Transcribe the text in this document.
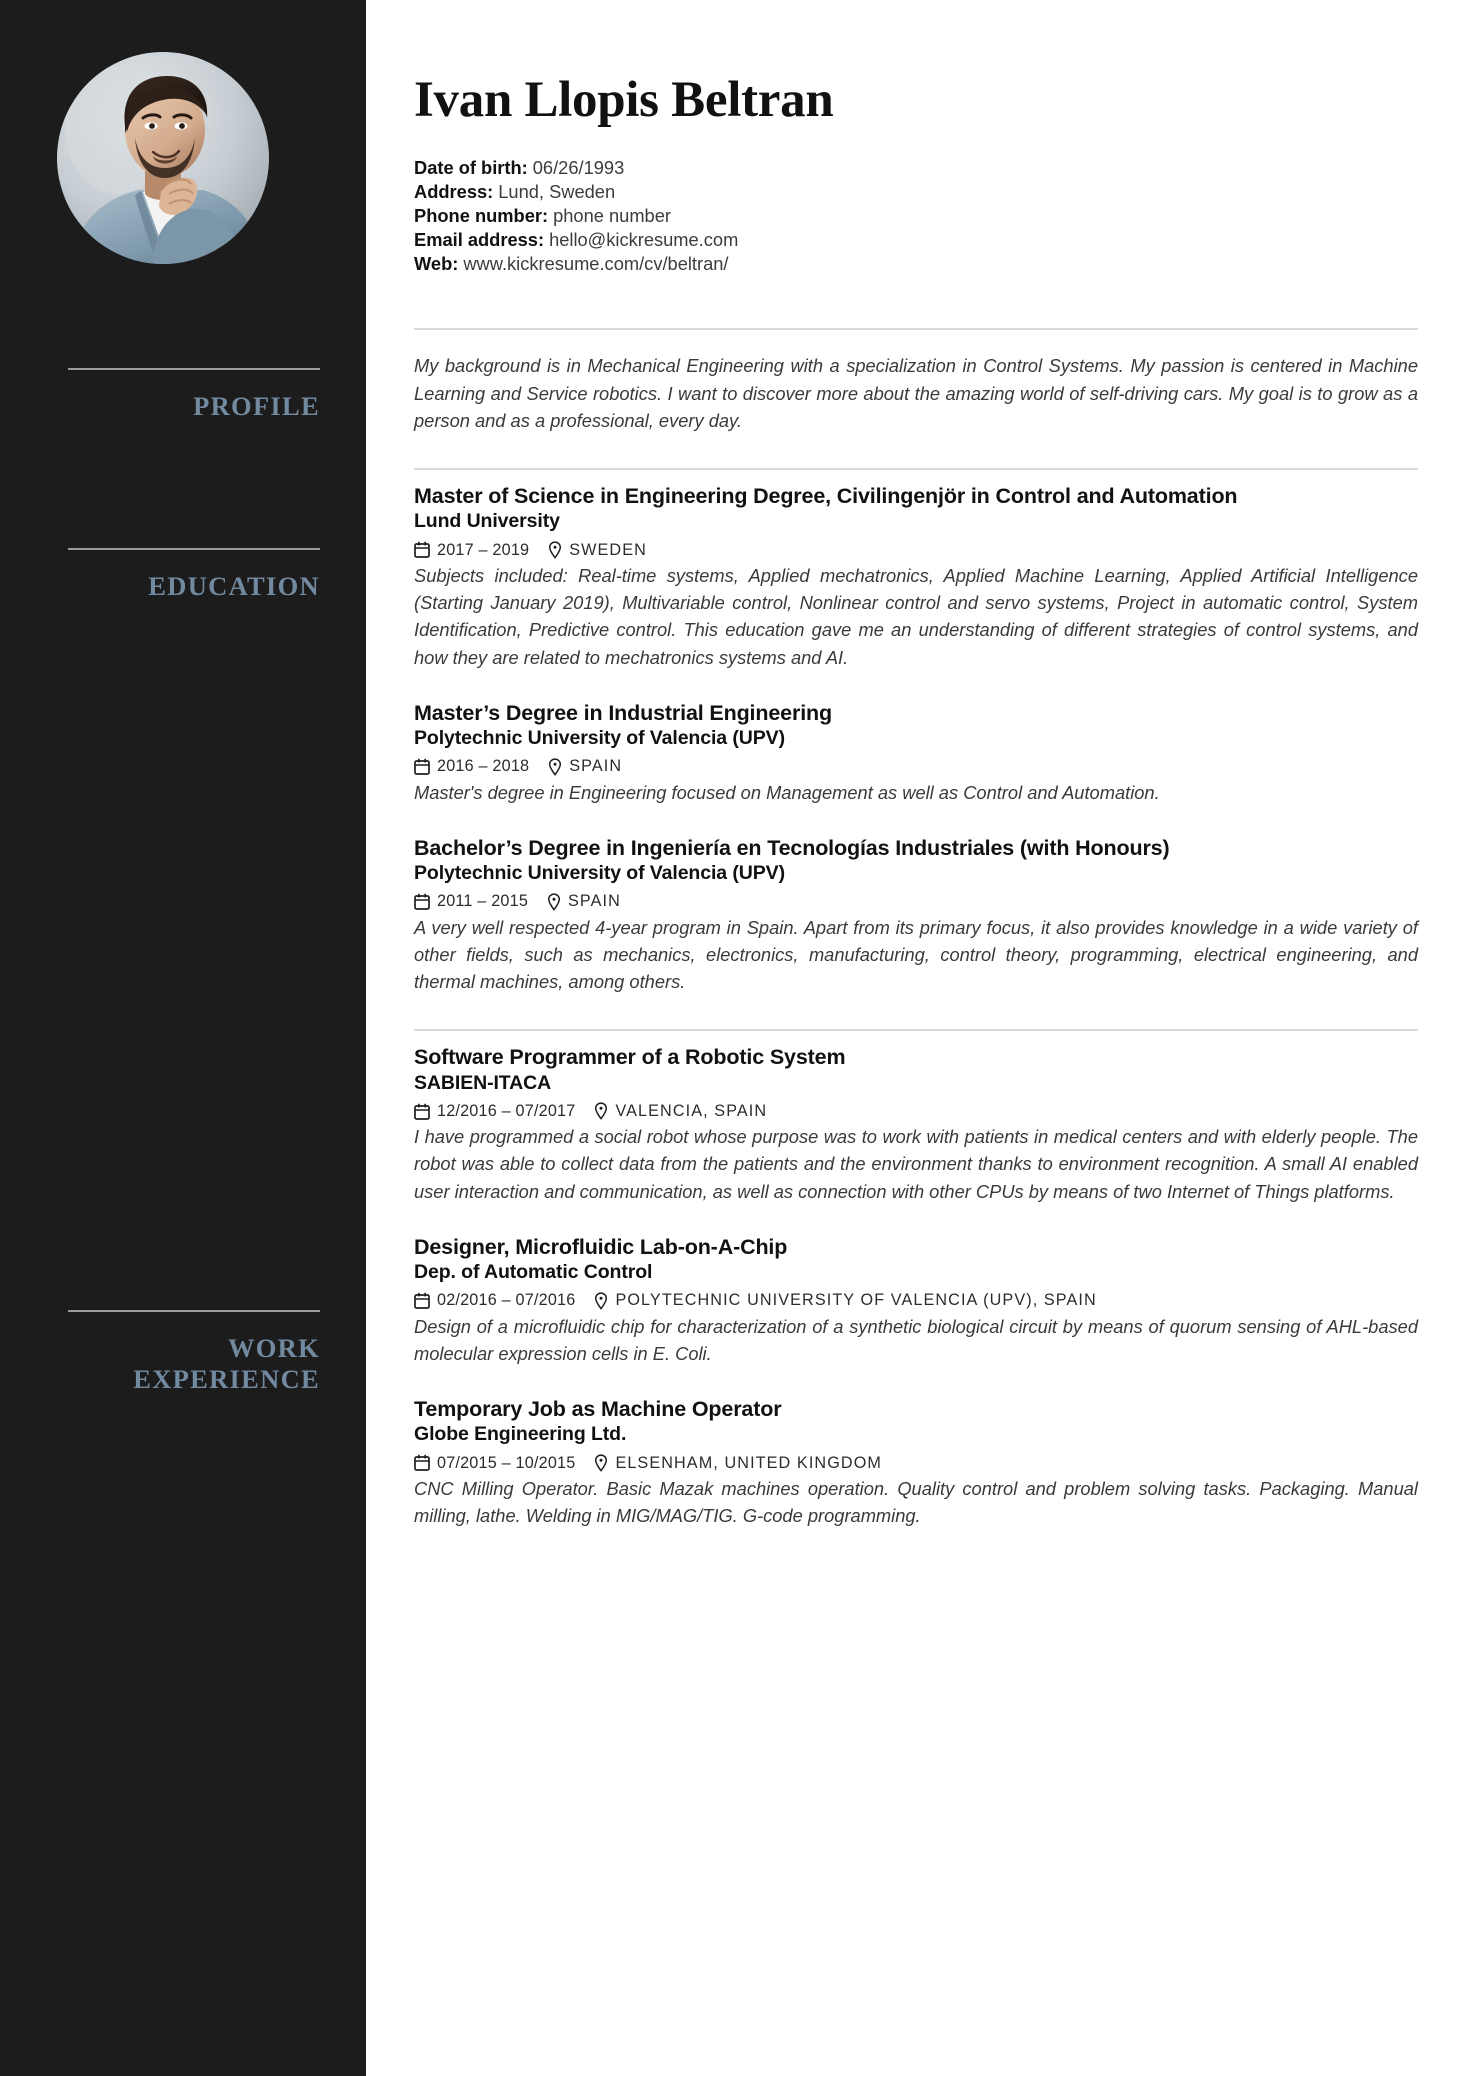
PROFILE
EDUCATION
WORK
EXPERIENCE
Ivan Llopis Beltran
Date of birth: 06/26/1993
Address: Lund, Sweden
Phone number: phone number
Email address: hello@kickresume.com
Web: www.kickresume.com/cv/beltran/

My background is in Mechanical Engineering with a specialization in Control Systems. My passion is centered in Machine Learning and Service robotics. I want to discover more about the amazing world of self-driving cars. My goal is to grow as a person and as a professional, every day.

Master of Science in Engineering Degree, Civilingenjör in Control and Automation
Lund University
2017 – 2019 SWEDEN

Subjects included: Real-time systems, Applied mechatronics, Applied Machine Learning, Applied Artificial Intelligence (Starting January 2019), Multivariable control, Nonlinear control and servo systems, Project in automatic control, System Identification, Predictive control. This education gave me an understanding of different strategies of control systems, and how they are related to mechatronics systems and AI.

Master’s Degree in Industrial Engineering
Polytechnic University of Valencia (UPV)
2016 – 2018 SPAIN

Master's degree in Engineering focused on Management as well as Control and Automation.

Bachelor’s Degree in Ingeniería en Tecnologías Industriales (with Honours)
Polytechnic University of Valencia (UPV)
2011 – 2015 SPAIN

A very well respected 4-year program in Spain. Apart from its primary focus, it also provides knowledge in a wide variety of other fields, such as mechanics, electronics, manufacturing, control theory, programming, electrical engineering, and thermal machines, among others.

Software Programmer of a Robotic System
SABIEN-ITACA
12/2016 – 07/2017 VALENCIA, SPAIN

I have programmed a social robot whose purpose was to work with patients in medical centers and with elderly people. The robot was able to collect data from the patients and the environment thanks to environment recognition. A small AI enabled user interaction and communication, as well as connection with other CPUs by means of two Internet of Things platforms.

Designer, Microfluidic Lab-on-A-Chip
Dep. of Automatic Control
02/2016 – 07/2016 POLYTECHNIC UNIVERSITY OF VALENCIA (UPV), SPAIN

Design of a microfluidic chip for characterization of a synthetic biological circuit by means of quorum sensing of AHL-based molecular expression cells in E. Coli.

Temporary Job as Machine Operator
Globe Engineering Ltd.
07/2015 – 10/2015 ELSENHAM, UNITED KINGDOM

CNC Milling Operator. Basic Mazak machines operation. Quality control and problem solving tasks. Packaging. Manual milling, lathe. Welding in MIG/MAG/TIG. G-code programming.
